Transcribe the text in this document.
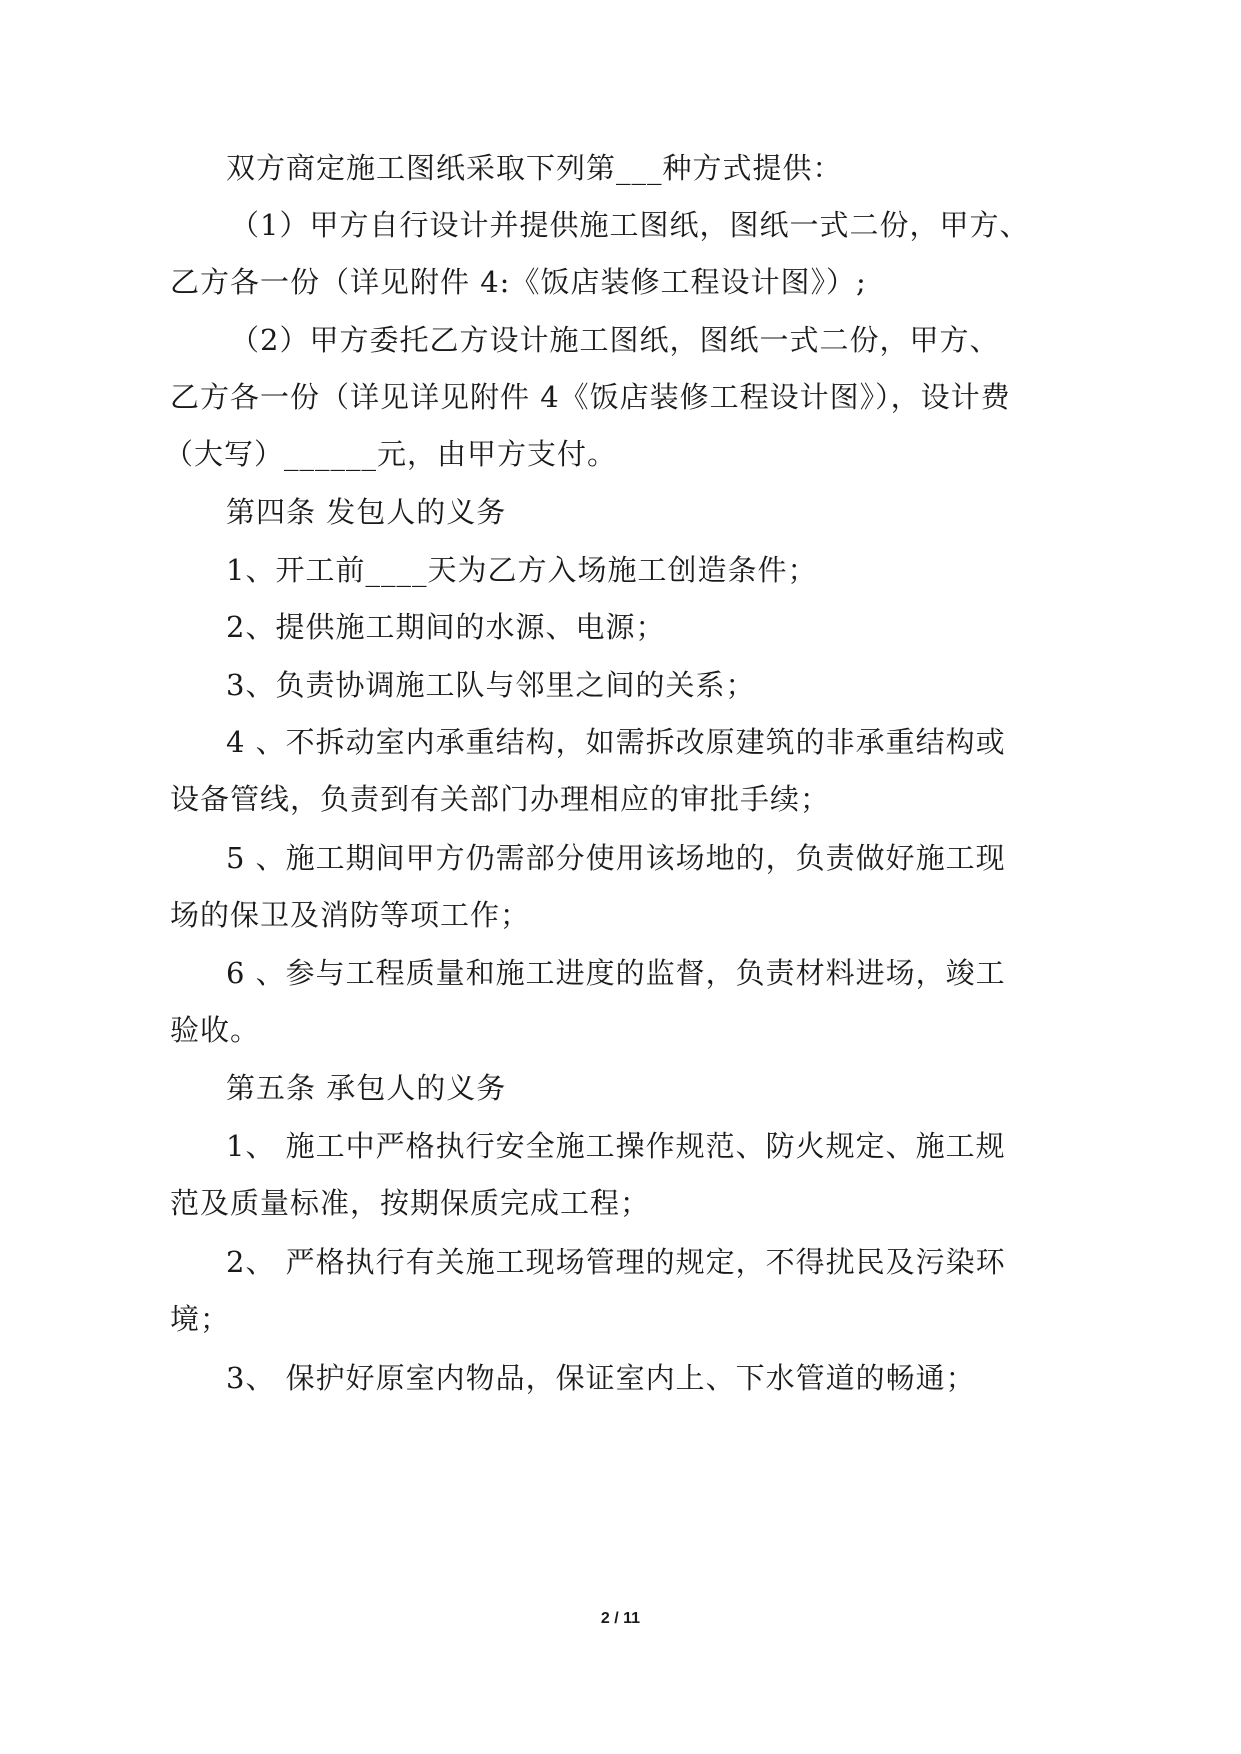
双方商定施工图纸采取下列第___种方式提供：
（1）甲方自行设计并提供施工图纸，图纸一式二份，甲方、
乙方各一份（详见附件 4:《饭店装修工程设计图》）;
（2）甲方委托乙方设计施工图纸，图纸一式二份，甲方、
乙方各一份（详见详见附件 4《饭店装修工程设计图》），设计费
（大写）______元，由甲方支付。
第四条 发包人的义务
1、开工前____天为乙方入场施工创造条件；
2、提供施工期间的水源、电源；
3、负责协调施工队与邻里之间的关系；
4 、不拆动室内承重结构，如需拆改原建筑的非承重结构或
设备管线，负责到有关部门办理相应的审批手续；
5 、施工期间甲方仍需部分使用该场地的，负责做好施工现
场的保卫及消防等项工作；
6 、参与工程质量和施工进度的监督，负责材料进场，竣工
验收。
第五条 承包人的义务
1、 施工中严格执行安全施工操作规范、防火规定、施工规
范及质量标准，按期保质完成工程；
2、 严格执行有关施工现场管理的规定，不得扰民及污染环
境；
3、 保护好原室内物品，保证室内上、下水管道的畅通；
2 / 11
